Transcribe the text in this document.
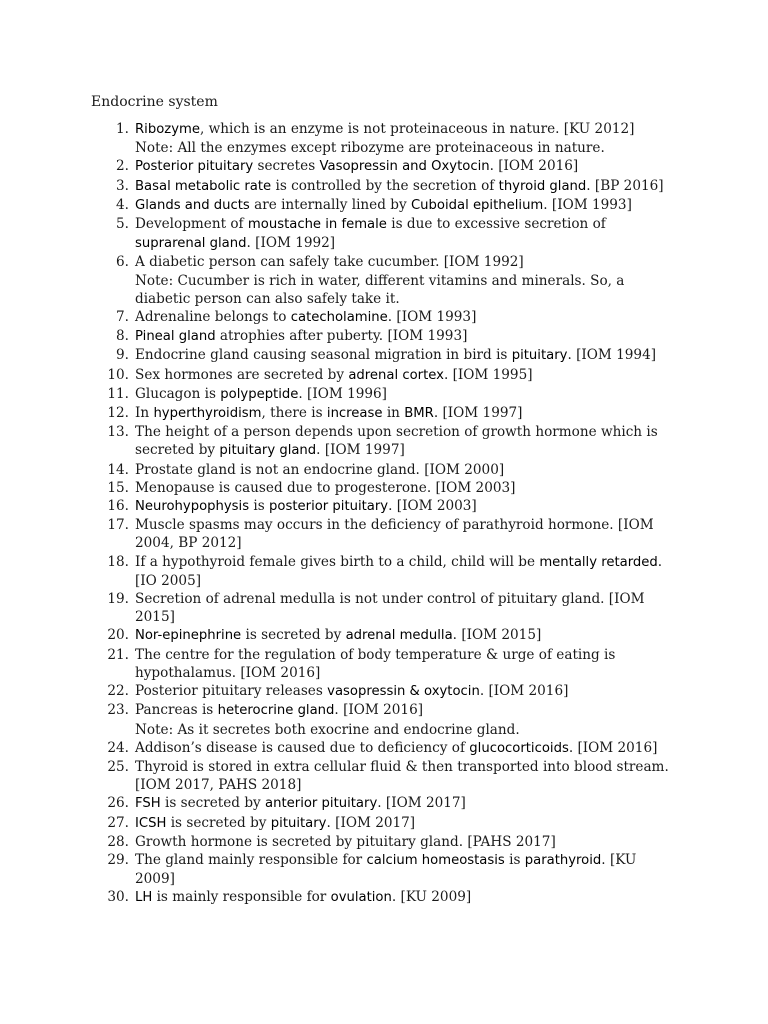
Endocrine system
1. Ribozyme, which is an enzyme is not proteinaceous in nature. [KU 2012]
Note: All the enzymes except ribozyme are proteinaceous in nature.
2. Posterior pituitary secretes Vasopressin and Oxytocin. [IOM 2016]
3. Basal metabolic rate is controlled by the secretion of thyroid gland. [BP 2016]
4. Glands and ducts are internally lined by Cuboidal epithelium. [IOM 1993]
5. Development of moustache in female is due to excessive secretion of suprarenal gland. [IOM 1992]
6. A diabetic person can safely take cucumber. [IOM 1992]
Note: Cucumber is rich in water, different vitamins and minerals. So, a diabetic person can also safely take it.
7. Adrenaline belongs to catecholamine. [IOM 1993]
8. Pineal gland atrophies after puberty. [IOM 1993]
9. Endocrine gland causing seasonal migration in bird is pituitary. [IOM 1994]
10. Sex hormones are secreted by adrenal cortex. [IOM 1995]
11. Glucagon is polypeptide. [IOM 1996]
12. In hyperthyroidism, there is increase in BMR. [IOM 1997]
13. The height of a person depends upon secretion of growth hormone which is secreted by pituitary gland. [IOM 1997]
14. Prostate gland is not an endocrine gland. [IOM 2000]
15. Menopause is caused due to progesterone. [IOM 2003]
16. Neurohypophysis is posterior pituitary. [IOM 2003]
17. Muscle spasms may occurs in the deficiency of parathyroid hormone. [IOM 2004, BP 2012]
18. If a hypothyroid female gives birth to a child, child will be mentally retarded. [IO 2005]
19. Secretion of adrenal medulla is not under control of pituitary gland. [IOM 2015]
20. Nor-epinephrine is secreted by adrenal medulla. [IOM 2015]
21. The centre for the regulation of body temperature & urge of eating is hypothalamus. [IOM 2016]
22. Posterior pituitary releases vasopressin & oxytocin. [IOM 2016]
23. Pancreas is heterocrine gland. [IOM 2016]
Note: As it secretes both exocrine and endocrine gland.
24. Addison’s disease is caused due to deficiency of glucocorticoids. [IOM 2016]
25. Thyroid is stored in extra cellular fluid & then transported into blood stream. [IOM 2017, PAHS 2018]
26. FSH is secreted by anterior pituitary. [IOM 2017]
27. ICSH is secreted by pituitary. [IOM 2017]
28. Growth hormone is secreted by pituitary gland. [PAHS 2017]
29. The gland mainly responsible for calcium homeostasis is parathyroid. [KU 2009]
30. LH is mainly responsible for ovulation. [KU 2009]
